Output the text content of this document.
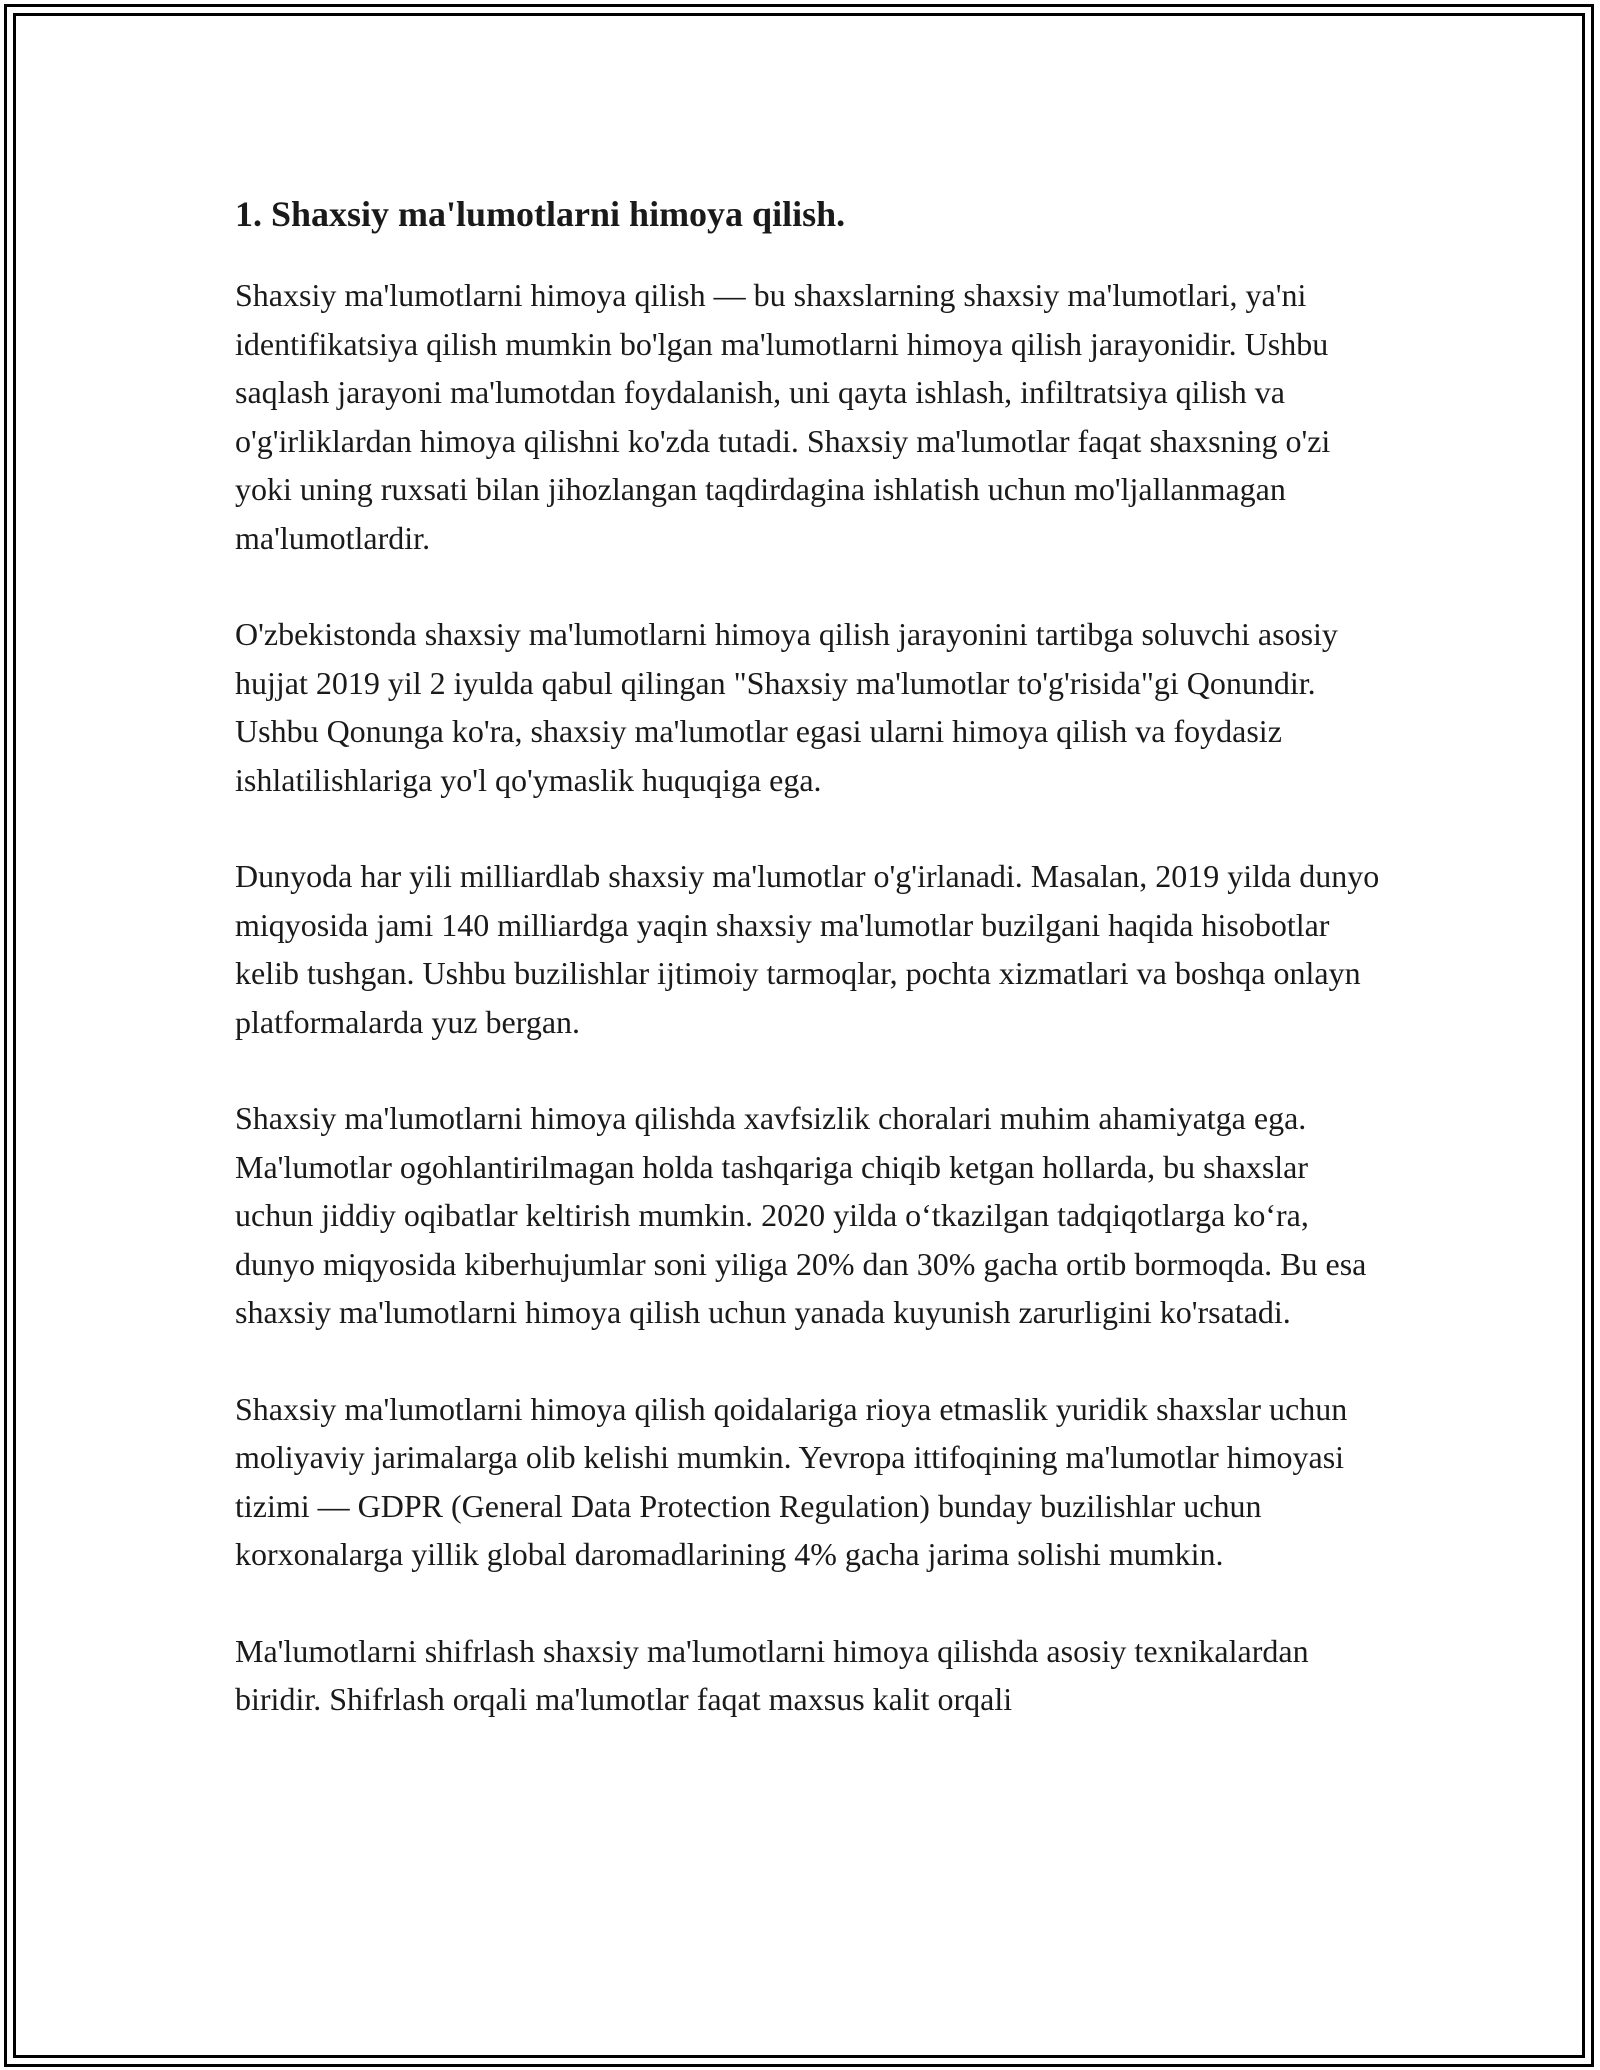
1. Shaxsiy ma'lumotlarni himoya qilish.

Shaxsiy ma'lumotlarni himoya qilish — bu shaxslarning shaxsiy ma'lumotlari, ya'ni identifikatsiya qilish mumkin bo'lgan ma'lumotlarni himoya qilish jarayonidir. Ushbu saqlash jarayoni ma'lumotdan foydalanish, uni qayta ishlash, infiltratsiya qilish va o'g'irliklardan himoya qilishni ko'zda tutadi. Shaxsiy ma'lumotlar faqat shaxsning o'zi yoki uning ruxsati bilan jihozlangan taqdirdagina ishlatish uchun mo'ljallanmagan ma'lumotlardir.

O'zbekistonda shaxsiy ma'lumotlarni himoya qilish jarayonini tartibga soluvchi asosiy hujjat 2019 yil 2 iyulda qabul qilingan "Shaxsiy ma'lumotlar to'g'risida"gi Qonundir. Ushbu Qonunga ko'ra, shaxsiy ma'lumotlar egasi ularni himoya qilish va foydasiz ishlatilishlariga yo'l qo'ymaslik huquqiga ega.

Dunyoda har yili milliardlab shaxsiy ma'lumotlar o'g'irlanadi. Masalan, 2019 yilda dunyo miqyosida jami 140 milliardga yaqin shaxsiy ma'lumotlar buzilgani haqida hisobotlar kelib tushgan. Ushbu buzilishlar ijtimoiy tarmoqlar, pochta xizmatlari va boshqa onlayn platformalarda yuz bergan.

Shaxsiy ma'lumotlarni himoya qilishda xavfsizlik choralari muhim ahamiyatga ega. Ma'lumotlar ogohlantirilmagan holda tashqariga chiqib ketgan hollarda, bu shaxslar uchun jiddiy oqibatlar keltirish mumkin. 2020 yilda oʻtkazilgan tadqiqotlarga koʻra, dunyo miqyosida kiberhujumlar soni yiliga 20% dan 30% gacha ortib bormoqda. Bu esa shaxsiy ma'lumotlarni himoya qilish uchun yanada kuyunish zarurligini ko'rsatadi.

Shaxsiy ma'lumotlarni himoya qilish qoidalariga rioya etmaslik yuridik shaxslar uchun moliyaviy jarimalarga olib kelishi mumkin. Yevropa ittifoqining ma'lumotlar himoyasi tizimi — GDPR (General Data Protection Regulation) bunday buzilishlar uchun korxonalarga yillik global daromadlarining 4% gacha jarima solishi mumkin.

Ma'lumotlarni shifrlash shaxsiy ma'lumotlarni himoya qilishda asosiy texnikalardan biridir. Shifrlash orqali ma'lumotlar faqat maxsus kalit orqali
